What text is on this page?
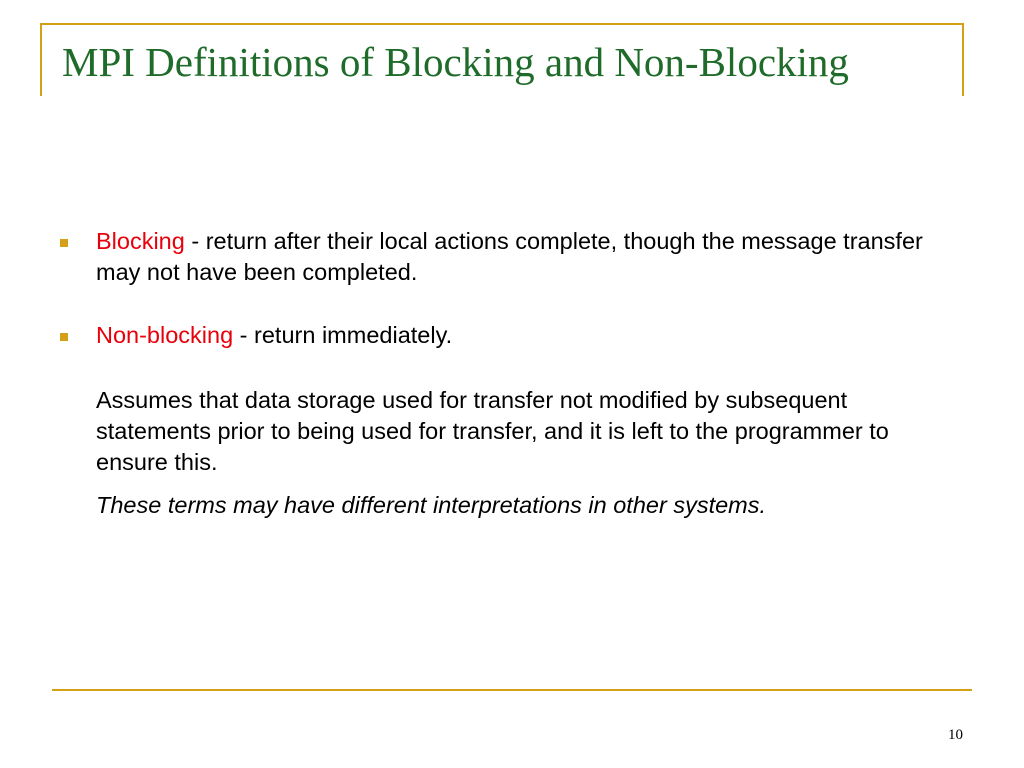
MPI Definitions of Blocking and Non-Blocking

Blocking - return after their local actions complete, though the message transfer may not have been completed.

Non-blocking - return immediately.

Assumes that data storage used for transfer not modified by subsequent statements prior to being used for transfer, and it is left to the programmer to ensure this.

These terms may have different interpretations in other systems.

10
